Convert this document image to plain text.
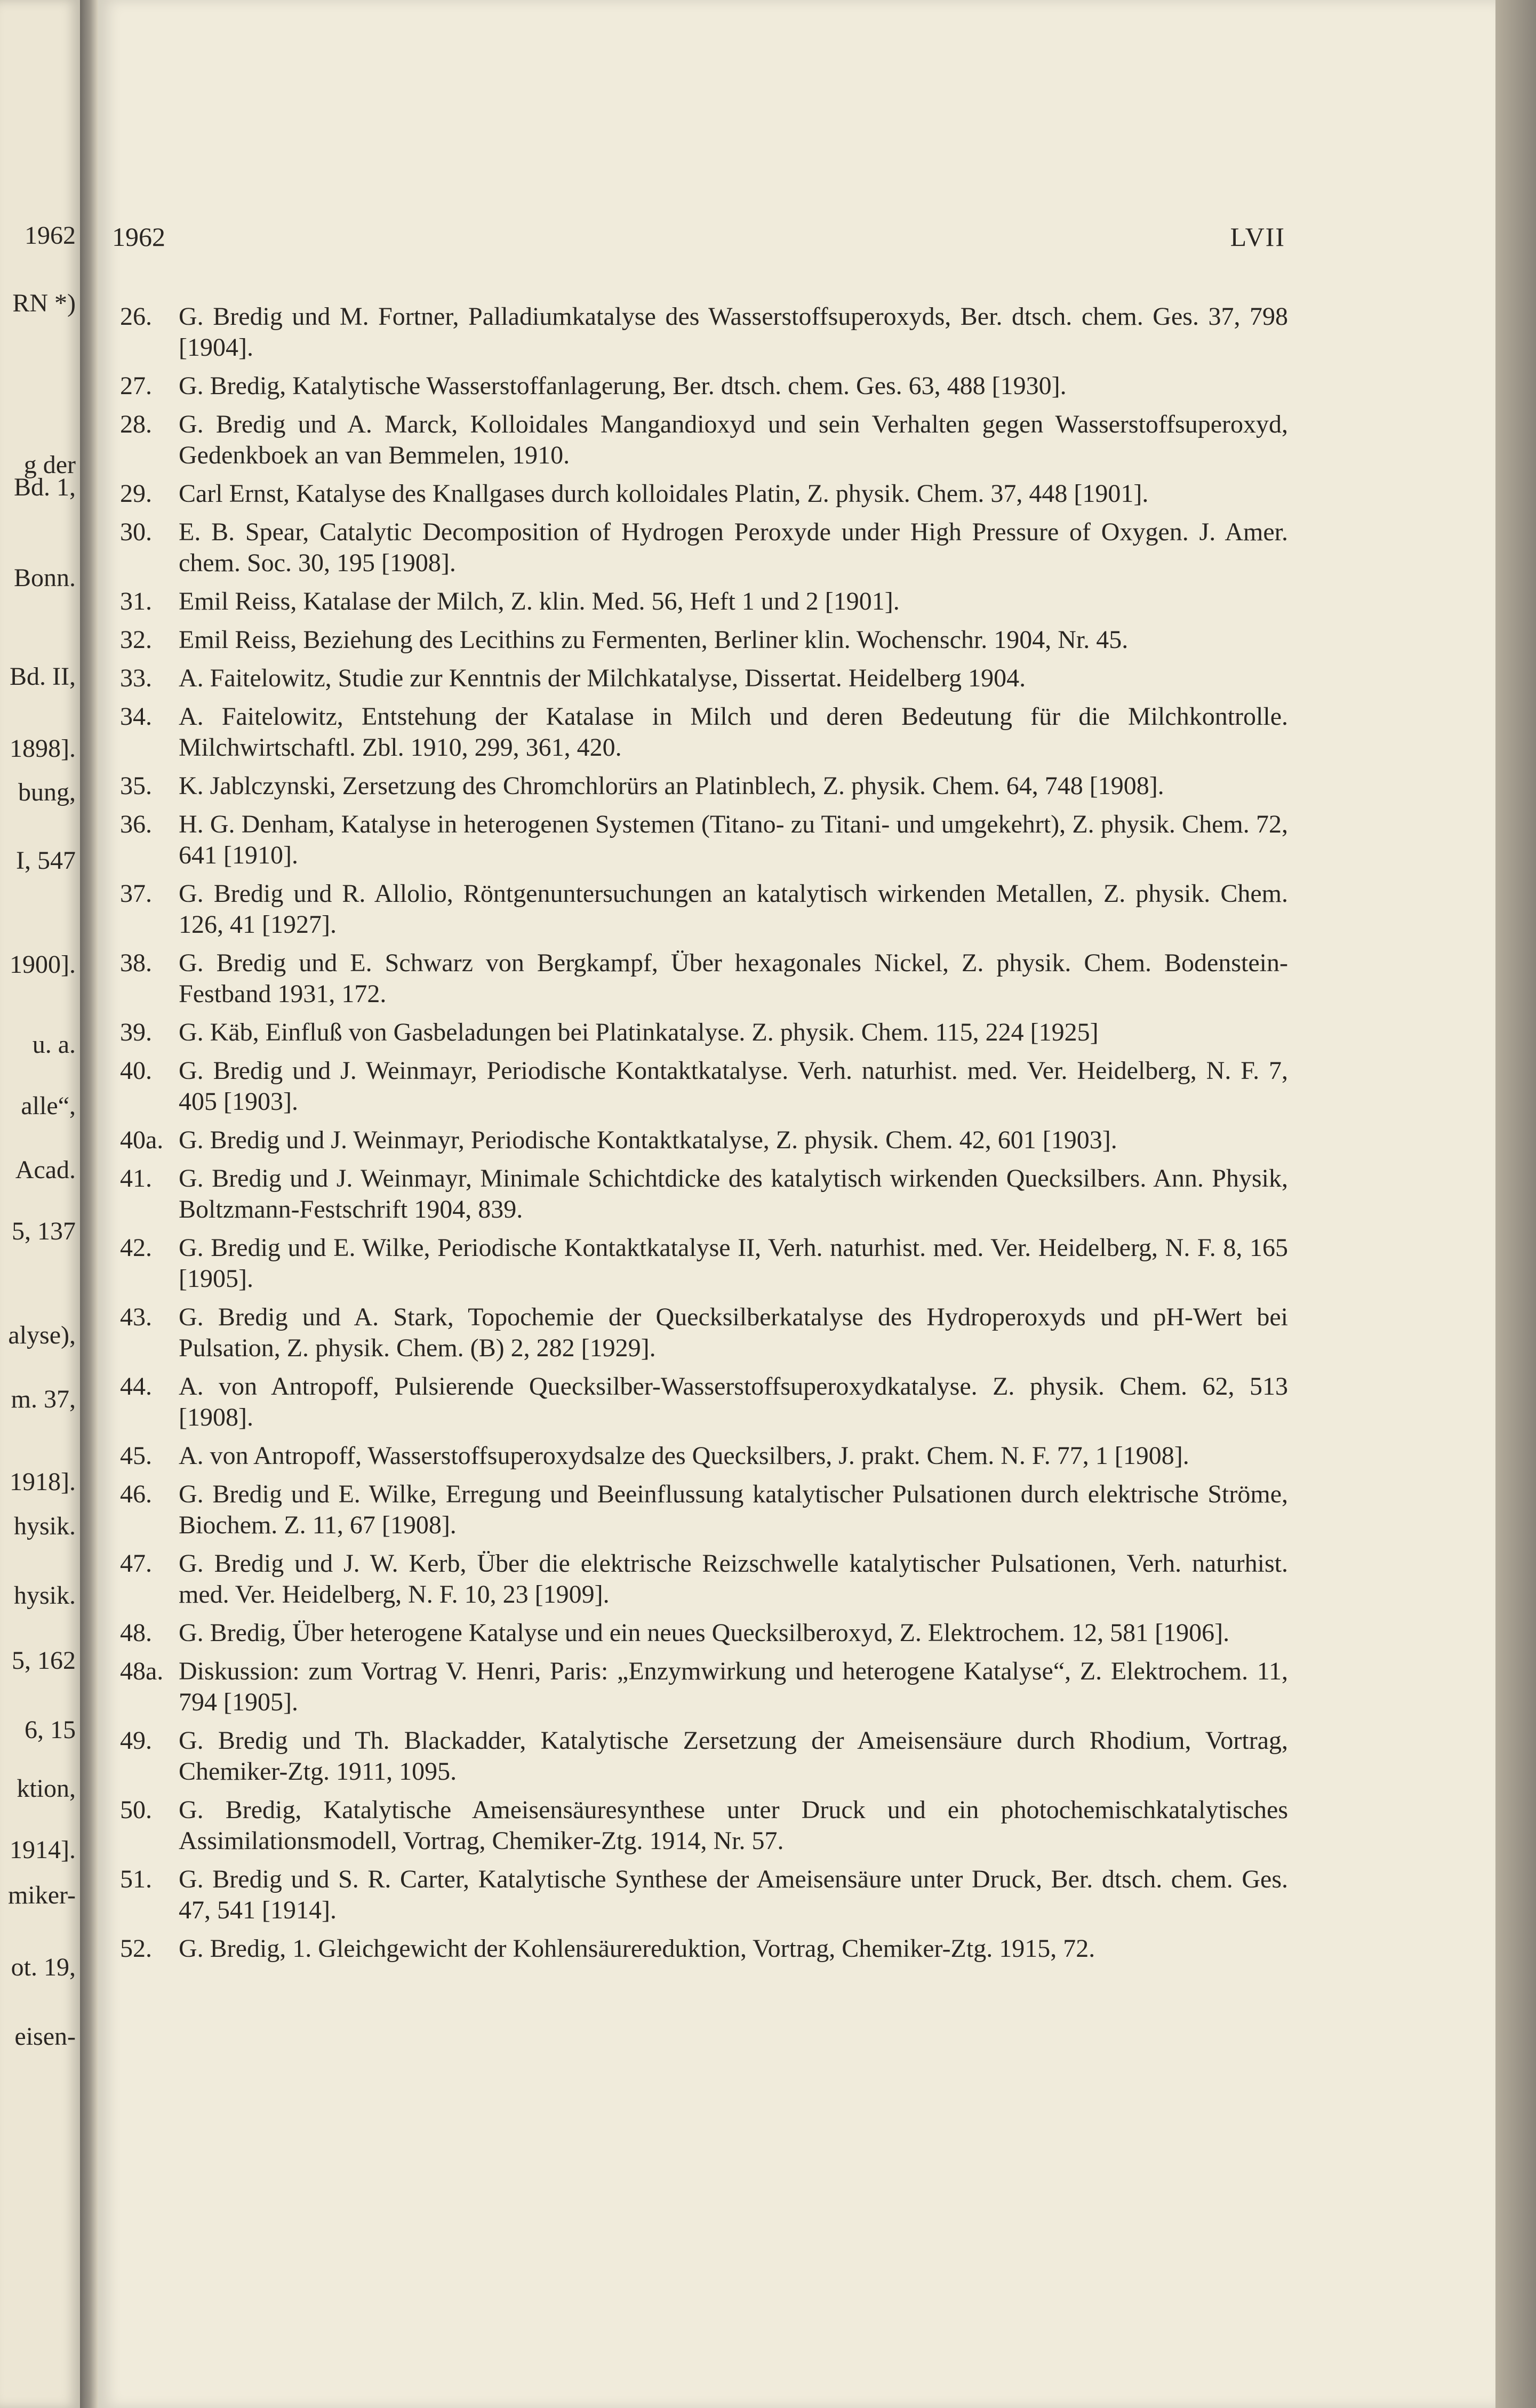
1962
RN *)
g der
Bd. 1,
Bonn.
Bd. II,
1898].
bung,
I, 547
1900].
u. a.
alle“,
Acad.
5, 137
alyse),
m. 37,
1918].
hysik.
hysik.
5, 162
6, 15
ktion,
1914].
miker-
ot. 19,
eisen-
1962	LVII
26.	G. Bredig und M. Fortner, Palladiumkatalyse des Wasserstoffsuperoxyds, Ber. dtsch. chem. Ges. 37, 798 [1904].
27.	G. Bredig, Katalytische Wasserstoffanlagerung, Ber. dtsch. chem. Ges. 63, 488 [1930].
28.	G. Bredig und A. Marck, Kolloidales Mangandioxyd und sein Verhalten gegen Wasserstoffsuperoxyd, Gedenkboek an van Bemmelen, 1910.
29.	Carl Ernst, Katalyse des Knallgases durch kolloidales Platin, Z. physik. Chem. 37, 448 [1901].
30.	E. B. Spear, Catalytic Decomposition of Hydrogen Peroxyde under High Pressure of Oxygen. J. Amer. chem. Soc. 30, 195 [1908].
31.	Emil Reiss, Katalase der Milch, Z. klin. Med. 56, Heft 1 und 2 [1901].
32.	Emil Reiss, Beziehung des Lecithins zu Fermenten, Berliner klin. Wochenschr. 1904, Nr. 45.
33.	A. Faitelowitz, Studie zur Kenntnis der Milchkatalyse, Dissertat. Heidelberg 1904.
34.	A. Faitelowitz, Entstehung der Katalase in Milch und deren Bedeutung für die Milchkontrolle. Milchwirtschaftl. Zbl. 1910, 299, 361, 420.
35.	K. Jablczynski, Zersetzung des Chromchlorürs an Platinblech, Z. physik. Chem. 64, 748 [1908].
36.	H. G. Denham, Katalyse in heterogenen Systemen (Titano- zu Titani- und umgekehrt), Z. physik. Chem. 72, 641 [1910].
37.	G. Bredig und R. Allolio, Röntgenuntersuchungen an katalytisch wirkenden Metallen, Z. physik. Chem. 126, 41 [1927].
38.	G. Bredig und E. Schwarz von Bergkampf, Über hexagonales Nickel, Z. physik. Chem. Bodenstein-Festband 1931, 172.
39.	G. Käb, Einfluß von Gasbeladungen bei Platinkatalyse. Z. physik. Chem. 115, 224 [1925]
40.	G. Bredig und J. Weinmayr, Periodische Kontaktkatalyse. Verh. naturhist. med. Ver. Heidelberg, N. F. 7, 405 [1903].
40a. G. Bredig und J. Weinmayr, Periodische Kontaktkatalyse, Z. physik. Chem. 42, 601 [1903].
41.	G. Bredig und J. Weinmayr, Minimale Schichtdicke des katalytisch wirkenden Quecksilbers. Ann. Physik, Boltzmann-Festschrift 1904, 839.
42.	G. Bredig und E. Wilke, Periodische Kontaktkatalyse II, Verh. naturhist. med. Ver. Heidelberg, N. F. 8, 165 [1905].
43.	G. Bredig und A. Stark, Topochemie der Quecksilberkatalyse des Hydroperoxyds und pH-Wert bei Pulsation, Z. physik. Chem. (B) 2, 282 [1929].
44.	A. von Antropoff, Pulsierende Quecksilber-Wasserstoffsuperoxydkatalyse. Z. physik. Chem. 62, 513 [1908].
45.	A. von Antropoff, Wasserstoffsuperoxydsalze des Quecksilbers, J. prakt. Chem. N. F. 77, 1 [1908].
46.	G. Bredig und E. Wilke, Erregung und Beeinflussung katalytischer Pulsationen durch elektrische Ströme, Biochem. Z. 11, 67 [1908].
47.	G. Bredig und J. W. Kerb, Über die elektrische Reizschwelle katalytischer Pulsationen, Verh. naturhist. med. Ver. Heidelberg, N. F. 10, 23 [1909].
48.	G. Bredig, Über heterogene Katalyse und ein neues Quecksilberoxyd, Z. Elektrochem. 12, 581 [1906].
48a. Diskussion: zum Vortrag V. Henri, Paris: „Enzymwirkung und heterogene Katalyse“, Z. Elektrochem. 11, 794 [1905].
49.	G. Bredig und Th. Blackadder, Katalytische Zersetzung der Ameisensäure durch Rhodium, Vortrag, Chemiker-Ztg. 1911, 1095.
50.	G. Bredig, Katalytische Ameisensäuresynthese unter Druck und ein photochemischkatalytisches Assimilationsmodell, Vortrag, Chemiker-Ztg. 1914, Nr. 57.
51.	G. Bredig und S. R. Carter, Katalytische Synthese der Ameisensäure unter Druck, Ber. dtsch. chem. Ges. 47, 541 [1914].
52.	G. Bredig, 1. Gleichgewicht der Kohlensäurereduktion, Vortrag, Chemiker-Ztg. 1915, 72.
